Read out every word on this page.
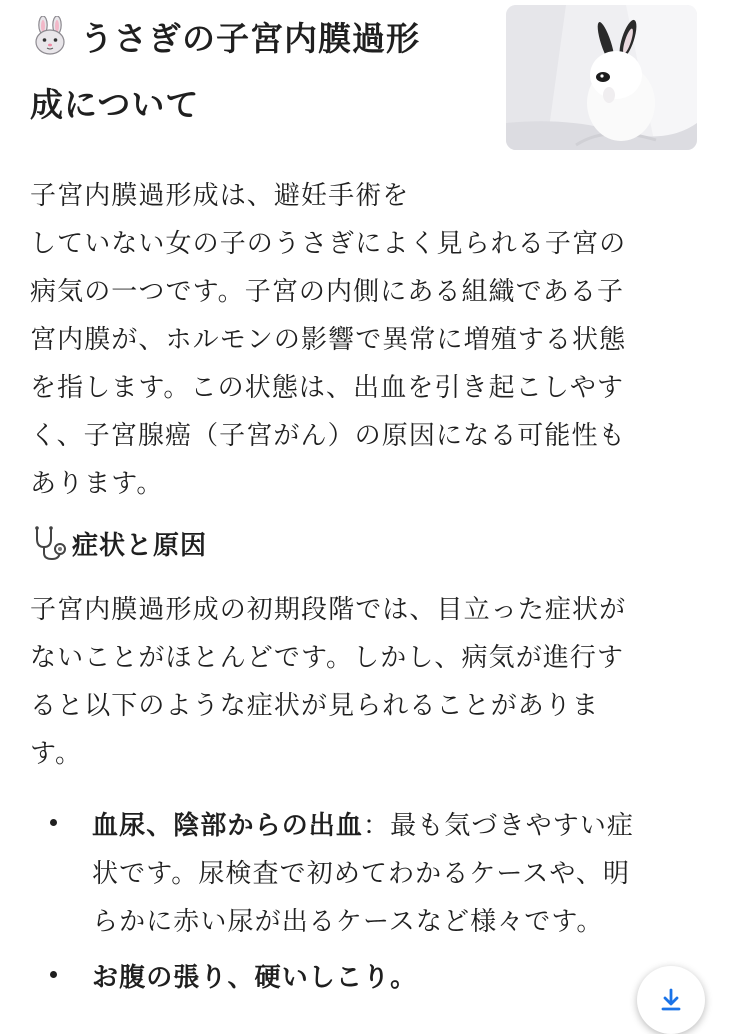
うさぎの子宮内膜過形
成について
子宮内膜過形成は、避妊手術を
していない女の子のうさぎによく見られる子宮の
病気の一つです。子宮の内側にある組織である子
宮内膜が、ホルモンの影響で異常に増殖する状態
を指します。この状態は、出血を引き起こしやす
く、子宮腺癌（子宮がん）の原因になる可能性も
あります。
症状と原因
子宮内膜過形成の初期段階では、目立った症状が
ないことがほとんどです。しかし、病気が進行す
ると以下のような症状が見られることがありま
す。
血尿、陰部からの出血：最も気づきやすい症
状です。尿検査で初めてわかるケースや、明
らかに赤い尿が出るケースなど様々です。
お腹の張り、硬いしこり。
